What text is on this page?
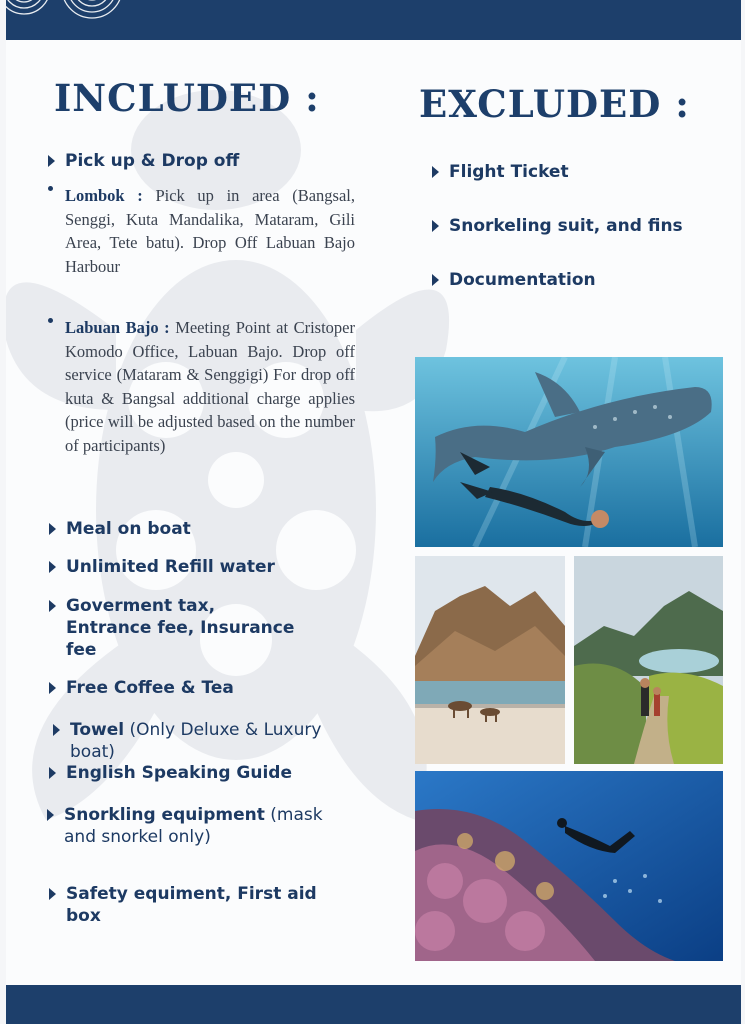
INCLUDED :	EXCLUDED :
Pick up & Drop off
Lombok : Pick up in area (Bangsal, Senggi, Kuta Mandalika, Mataram, Gili Area, Tete batu). Drop Off Labuan Bajo Harbour
Labuan Bajo : Meeting Point at Cristoper Komodo Office, Labuan Bajo. Drop off service (Mataram & Senggigi) For drop off kuta & Bangsal additional charge applies (price will be adjusted based on the number of participants)
Meal on boat
Unlimited Refill water
Goverment tax, Entrance fee, Insurance fee
Free Coffee & Tea
Towel (Only Deluxe & Luxury boat)
English Speaking Guide
Snorkling equipment (mask and snorkel only)
Safety equiment, First aid box
Flight Ticket
Snorkeling suit, and fins
Documentation
